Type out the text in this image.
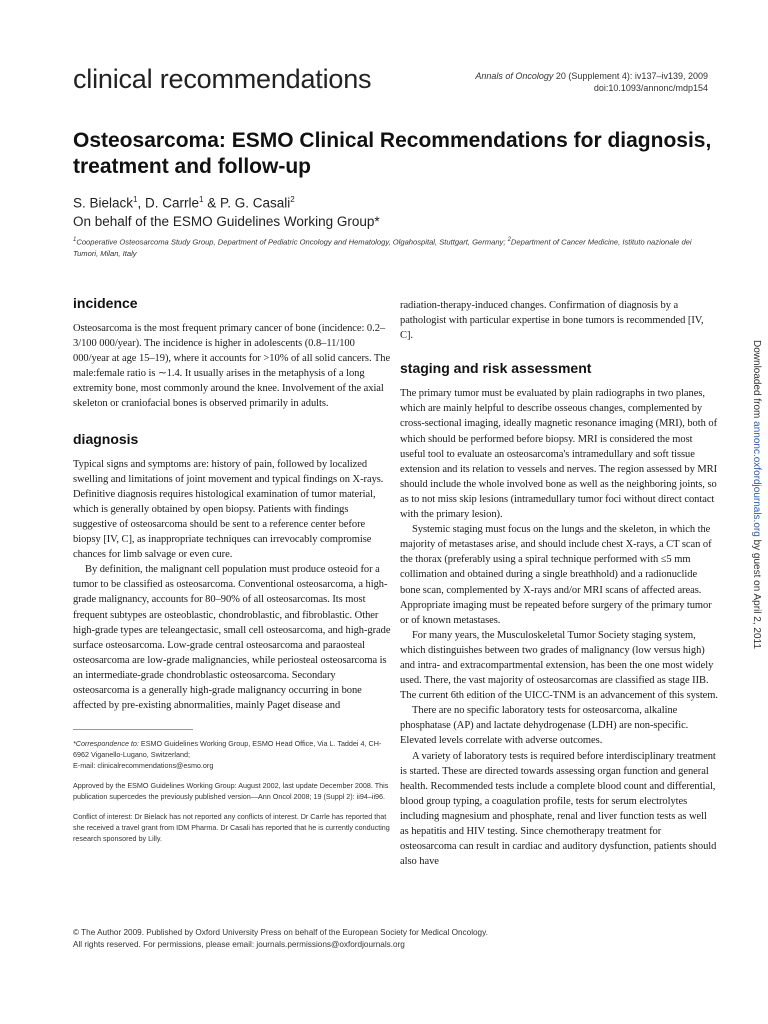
clinical recommendations	Annals of Oncology 20 (Supplement 4): iv137–iv139, 2009
doi:10.1093/annonc/mdp154
Osteosarcoma: ESMO Clinical Recommendations for diagnosis, treatment and follow-up
S. Bielack$^1$, D. Carrle$^1$ & P. G. Casali$^2$
On behalf of the ESMO Guidelines Working Group*
$^1$Cooperative Osteosarcoma Study Group, Department of Pediatric Oncology and Hematology, Olgahospital, Stuttgart, Germany; $^2$Department of Cancer Medicine, Istituto nazionale dei Tumori, Milan, Italy
incidence

Osteosarcoma is the most frequent primary cancer of bone (incidence: 0.2–3/100 000/year). The incidence is higher in adolescents (0.8–11/100 000/year at age 15–19), where it accounts for >10% of all solid cancers. The male:female ratio is ∼1.4. It usually arises in the metaphysis of a long extremity bone, most commonly around the knee. Involvement of the axial skeleton or craniofacial bones is observed primarily in adults.

diagnosis

Typical signs and symptoms are: history of pain, followed by localized swelling and limitations of joint movement and typical findings on X-rays. Definitive diagnosis requires histological examination of tumor material, which is generally obtained by open biopsy. Patients with findings suggestive of osteosarcoma should be sent to a reference center before biopsy [IV, C], as inappropriate techniques can irrevocably compromise chances for limb salvage or even cure.

By definition, the malignant cell population must produce osteoid for a tumor to be classified as osteosarcoma. Conventional osteosarcoma, a high-grade malignancy, accounts for 80–90% of all osteosarcomas. Its most frequent subtypes are osteoblastic, chondroblastic, and fibroblastic. Other high-grade types are teleangectasic, small cell osteosarcoma, and high-grade surface osteosarcoma. Low-grade central osteosarcoma and paraosteal osteosarcoma are low-grade malignancies, while periosteal osteosarcoma is an intermediate-grade chondroblastic osteosarcoma. Secondary osteosarcoma is a generally high-grade malignancy occurring in bone affected by pre-existing abnormalities, mainly Paget disease and

*Correspondence to: ESMO Guidelines Working Group, ESMO Head Office, Via L. Taddei 4, CH-6962 Viganello-Lugano, Switzerland;
E-mail: clinicalrecommendations@esmo.org
Approved by the ESMO Guidelines Working Group: August 2002, last update December 2008. This publication supercedes the previously published version—Ann Oncol 2008; 19 (Suppl 2): ii94–ii96.
Conflict of interest: Dr Bielack has not reported any conflicts of interest. Dr Carrle has reported that she received a travel grant from IDM Pharma. Dr Casali has reported that he is currently conducting research sponsored by Lilly.

radiation-therapy-induced changes. Confirmation of diagnosis by a pathologist with particular expertise in bone tumors is recommended [IV, C].

staging and risk assessment

The primary tumor must be evaluated by plain radiographs in two planes, which are mainly helpful to describe osseous changes, complemented by cross-sectional imaging, ideally magnetic resonance imaging (MRI), both of which should be performed before biopsy. MRI is considered the most useful tool to evaluate an osteosarcoma's intramedullary and soft tissue extension and its relation to vessels and nerves. The region assessed by MRI should include the whole involved bone as well as the neighboring joints, so as to not miss skip lesions (intramedullary tumor foci without direct contact with the primary lesion).

Systemic staging must focus on the lungs and the skeleton, in which the majority of metastases arise, and should include chest X-rays, a CT scan of the thorax (preferably using a spiral technique performed with ≤5 mm collimation and obtained during a single breathhold) and a radionuclide bone scan, complemented by X-rays and/or MRI scans of affected areas. Appropriate imaging must be repeated before surgery of the primary tumor or of known metastases.

For many years, the Musculoskeletal Tumor Society staging system, which distinguishes between two grades of malignancy (low versus high) and intra- and extracompartmental extension, has been the one most widely used. There, the vast majority of osteosarcomas are classified as stage IIB. The current 6th edition of the UICC-TNM is an advancement of this system.

There are no specific laboratory tests for osteosarcoma, alkaline phosphatase (AP) and lactate dehydrogenase (LDH) are non-specific. Elevated levels correlate with adverse outcomes.

A variety of laboratory tests is required before interdisciplinary treatment is started. These are directed towards assessing organ function and general health. Recommended tests include a complete blood count and differential, blood group typing, a coagulation profile, tests for serum electrolytes including magnesium and phosphate, renal and liver function tests as well as hepatitis and HIV testing. Since chemotherapy treatment for osteosarcoma can result in cardiac and auditory dysfunction, patients should also have

© The Author 2009. Published by Oxford University Press on behalf of the European Society for Medical Oncology.
All rights reserved. For permissions, please email: journals.permissions@oxfordjournals.org
Downloaded from annonc.oxfordjournals.org by guest on April 2, 2011
